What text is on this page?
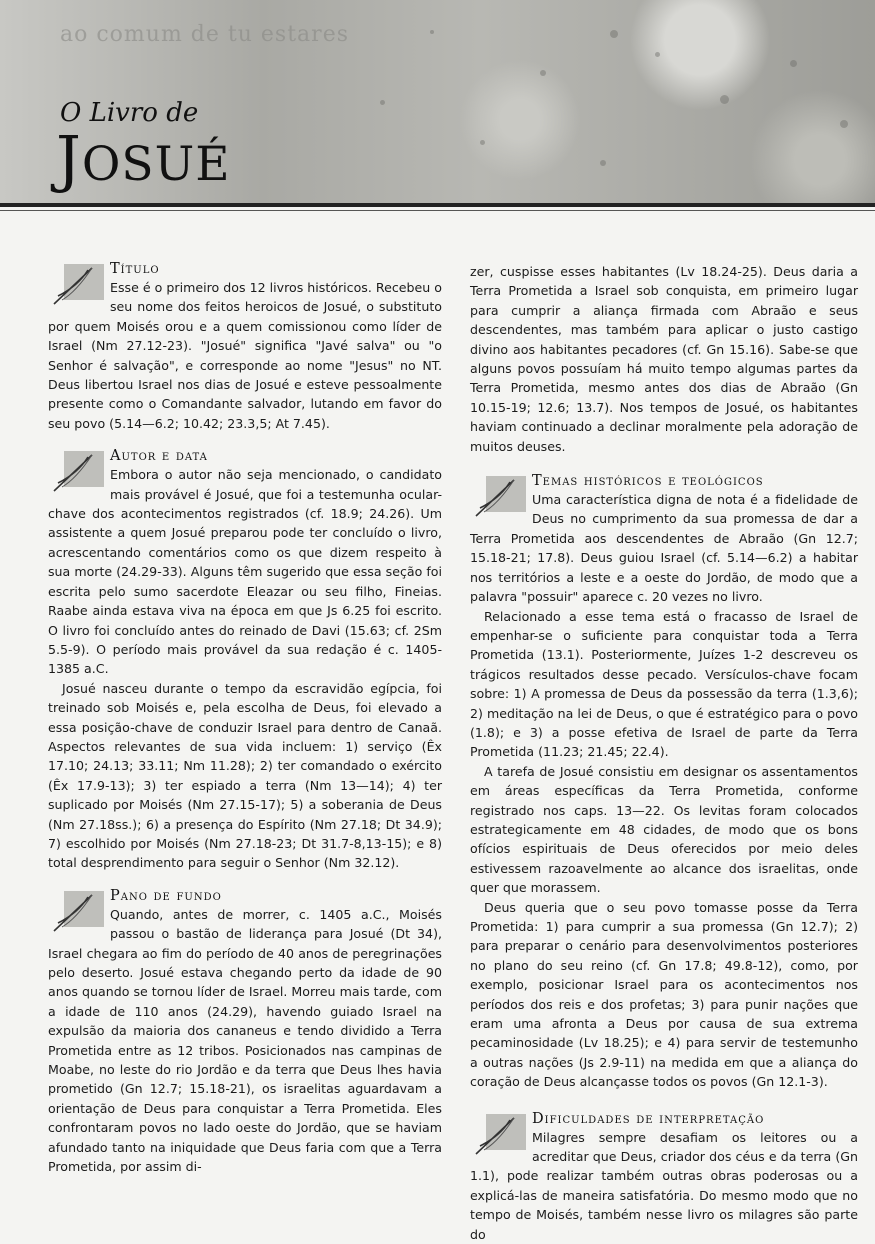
ao comum de tu estares
O Livro de
JOSUÉ
Título

Esse é o primeiro dos 12 livros históricos. Recebeu o seu nome dos feitos heroicos de Josué, o substituto por quem Moisés orou e a quem comissionou como líder de Israel (Nm 27.12-23). "Josué" significa "Javé salva" ou "o Senhor é salvação", e corresponde ao nome "Jesus" no NT. Deus libertou Israel nos dias de Josué e esteve pessoalmente presente como o Comandante salvador, lutando em favor do seu povo (5.14—6.2; 10.42; 23.3,5; At 7.45).

Autor e data

Embora o autor não seja mencionado, o candidato mais provável é Josué, que foi a testemunha ocular-chave dos acontecimentos registrados (cf. 18.9; 24.26). Um assistente a quem Josué preparou pode ter concluído o livro, acrescentando comentários como os que dizem respeito à sua morte (24.29-33). Alguns têm sugerido que essa seção foi escrita pelo sumo sacerdote Eleazar ou seu filho, Fineias. Raabe ainda estava viva na época em que Js 6.25 foi escrito. O livro foi concluído antes do reinado de Davi (15.63; cf. 2Sm 5.5-9). O período mais provável da sua redação é c. 1405-1385 a.C.

Josué nasceu durante o tempo da escravidão egípcia, foi treinado sob Moisés e, pela escolha de Deus, foi elevado a essa posição-chave de conduzir Israel para dentro de Canaã. Aspectos relevantes de sua vida incluem: 1) serviço (Êx 17.10; 24.13; 33.11; Nm 11.28); 2) ter comandado o exército (Êx 17.9-13); 3) ter espiado a terra (Nm 13—14); 4) ter suplicado por Moisés (Nm 27.15-17); 5) a soberania de Deus (Nm 27.18ss.); 6) a presença do Espírito (Nm 27.18; Dt 34.9); 7) escolhido por Moisés (Nm 27.18-23; Dt 31.7-8,13-15); e 8) total desprendimento para seguir o Senhor (Nm 32.12).

Pano de fundo

Quando, antes de morrer, c. 1405 a.C., Moisés passou o bastão de liderança para Josué (Dt 34), Israel chegara ao fim do período de 40 anos de peregrinações pelo deserto. Josué estava chegando perto da idade de 90 anos quando se tornou líder de Israel. Morreu mais tarde, com a idade de 110 anos (24.29), havendo guiado Israel na expulsão da maioria dos cananeus e tendo dividido a Terra Prometida entre as 12 tribos. Posicionados nas campinas de Moabe, no leste do rio Jordão e da terra que Deus lhes havia prometido (Gn 12.7; 15.18-21), os israelitas aguardavam a orientação de Deus para conquistar a Terra Prometida. Eles confrontaram povos no lado oeste do Jordão, que se haviam afundado tanto na iniquidade que Deus faria com que a Terra Prometida, por assim di-

zer, cuspisse esses habitantes (Lv 18.24-25). Deus daria a Terra Prometida a Israel sob conquista, em primeiro lugar para cumprir a aliança firmada com Abraão e seus descendentes, mas também para aplicar o justo castigo divino aos habitantes pecadores (cf. Gn 15.16). Sabe-se que alguns povos possuíam há muito tempo algumas partes da Terra Prometida, mesmo antes dos dias de Abraão (Gn 10.15-19; 12.6; 13.7). Nos tempos de Josué, os habitantes haviam continuado a declinar moralmente pela adoração de muitos deuses.

Temas históricos e teológicos

Uma característica digna de nota é a fidelidade de Deus no cumprimento da sua promessa de dar a Terra Prometida aos descendentes de Abraão (Gn 12.7; 15.18-21; 17.8). Deus guiou Israel (cf. 5.14—6.2) a habitar nos territórios a leste e a oeste do Jordão, de modo que a palavra "possuir" aparece c. 20 vezes no livro.

Relacionado a esse tema está o fracasso de Israel de empenhar-se o suficiente para conquistar toda a Terra Prometida (13.1). Posteriormente, Juízes 1-2 descreveu os trágicos resultados desse pecado. Versículos-chave focam sobre: 1) A promessa de Deus da possessão da terra (1.3,6); 2) meditação na lei de Deus, o que é estratégico para o povo (1.8); e 3) a posse efetiva de Israel de parte da Terra Prometida (11.23; 21.45; 22.4).

A tarefa de Josué consistiu em designar os assentamentos em áreas específicas da Terra Prometida, conforme registrado nos caps. 13—22. Os levitas foram colocados estrategicamente em 48 cidades, de modo que os bons ofícios espirituais de Deus oferecidos por meio deles estivessem razoavelmente ao alcance dos israelitas, onde quer que morassem.

Deus queria que o seu povo tomasse posse da Terra Prometida: 1) para cumprir a sua promessa (Gn 12.7); 2) para preparar o cenário para desenvolvimentos posteriores no plano do seu reino (cf. Gn 17.8; 49.8-12), como, por exemplo, posicionar Israel para os acontecimentos nos períodos dos reis e dos profetas; 3) para punir nações que eram uma afronta a Deus por causa de sua extrema pecaminosidade (Lv 18.25); e 4) para servir de testemunho a outras nações (Js 2.9-11) na medida em que a aliança do coração de Deus alcançasse todos os povos (Gn 12.1-3).

Dificuldades de interpretação

Milagres sempre desafiam os leitores ou a acreditar que Deus, criador dos céus e da terra (Gn 1.1), pode realizar também outras obras poderosas ou a explicá-las de maneira satisfatória. Do mesmo modo que no tempo de Moisés, também nesse livro os milagres são parte do
